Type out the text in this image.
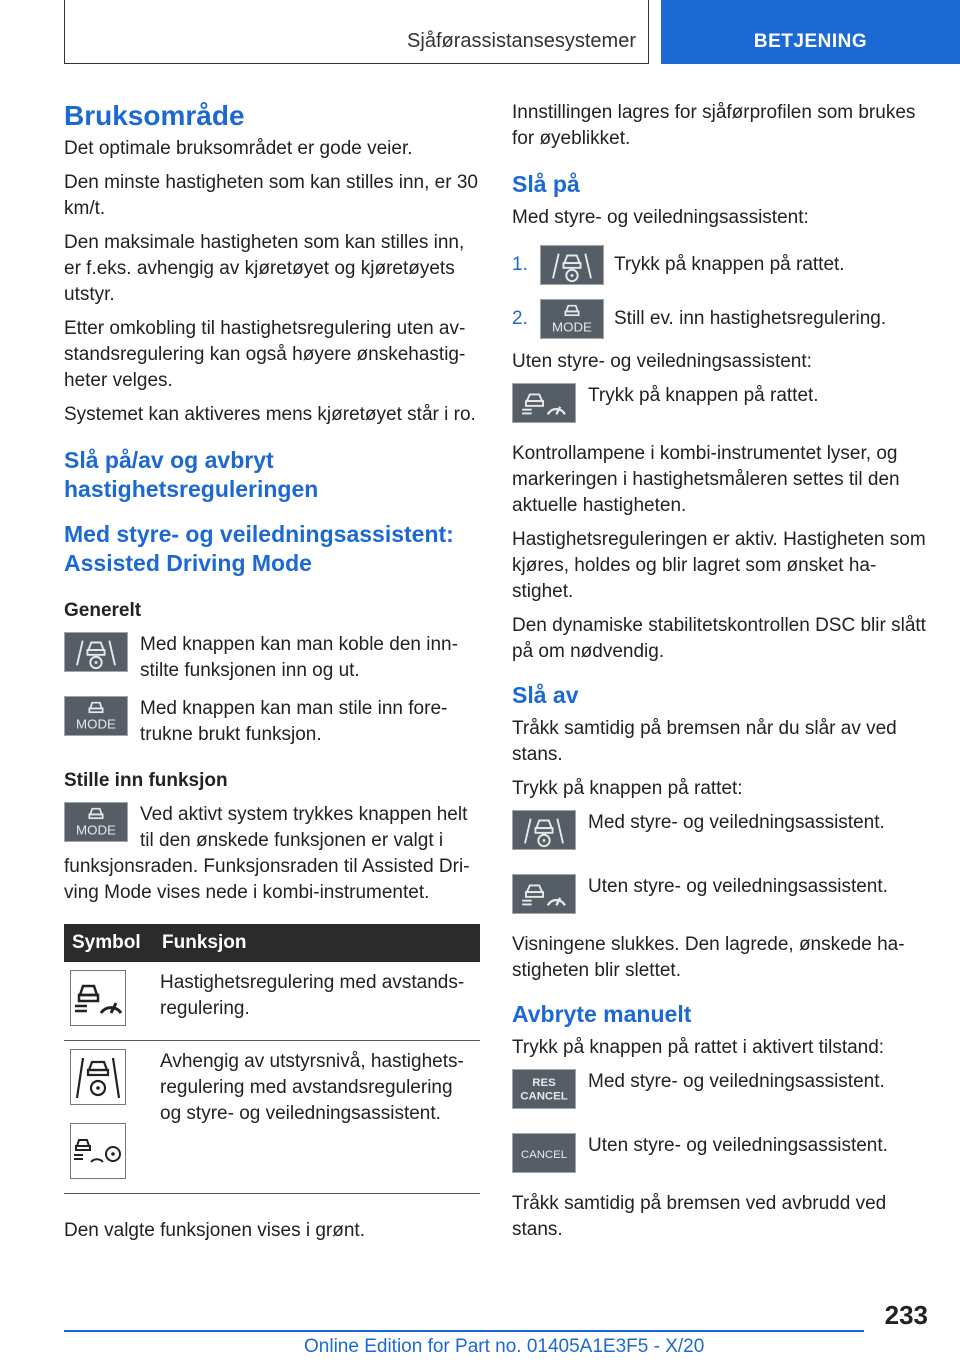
Sjåførassistansesystemer	BETJENING
Bruksområde

Det optimale bruksområdet er gode veier.

Den minste hastigheten som kan stilles inn, er 30 km/t.

Den maksimale hastigheten som kan stilles inn, er f.eks. avhengig av kjøretøyet og kjøretøyets utstyr.

Etter omkobling til hastighetsregulering uten avstandsregulering kan også høyere ønskehastigheter velges.

Systemet kan aktiveres mens kjøretøyet står i ro.

Slå på/av og avbryt hastighetsreguleringen
Med styre- og veiledningsassistent: Assisted Driving Mode
Generelt

Med knappen kan man koble den innstilte funksjonen inn og ut.

MODE

Med knappen kan man stile inn foretrukne brukt funksjon.

Stille inn funksjon
MODE

Ved aktivt system trykkes knappen helt til den ønskede funksjonen er valgt i funksjonsraden. Funksjonsraden til Assisted Driving Mode vises nede i kombi-instrumentet.

Symbol	Funksjon

	Hastighetsregulering med avstandsregulering.

	Avhengig av utstyrsnivå, hastighetsregulering med avstandsregulering og styre- og veiledningsassistent.

Den valgte funksjonen vises i grønt.

Innstillingen lagres for sjåførprofilen som brukes for øyeblikket.

Slå på

Med styre- og veiledningsassistent:

1.	Trykk på knappen på rattet.

2.	MODE Still ev. inn hastighetsregulering.

Uten styre- og veiledningsassistent:

Trykk på knappen på rattet.

Kontrollampene i kombi-instrumentet lyser, og markeringen i hastighetsmåleren settes til den aktuelle hastigheten.

Hastighetsreguleringen er aktiv. Hastigheten som kjøres, holdes og blir lagret som ønsket hastighet.

Den dynamiske stabilitetskontrollen DSC blir slått på om nødvendig.

Slå av

Tråkk samtidig på bremsen når du slår av ved stans.

Trykk på knappen på rattet:

Med styre- og veiledningsassistent.

Uten styre- og veiledningsassistent.

Visningene slukkes. Den lagrede, ønskede hastigheten blir slettet.

Avbryte manuelt

Trykk på knappen på rattet i aktivert tilstand:

RES
CANCEL

Med styre- og veiledningsassistent.

CANCEL	Uten styre- og veiledningsassistent.

Tråkk samtidig på bremsen ved avbrudd ved stans.

233
Online Edition for Part no. 01405A1E3F5 - X/20
